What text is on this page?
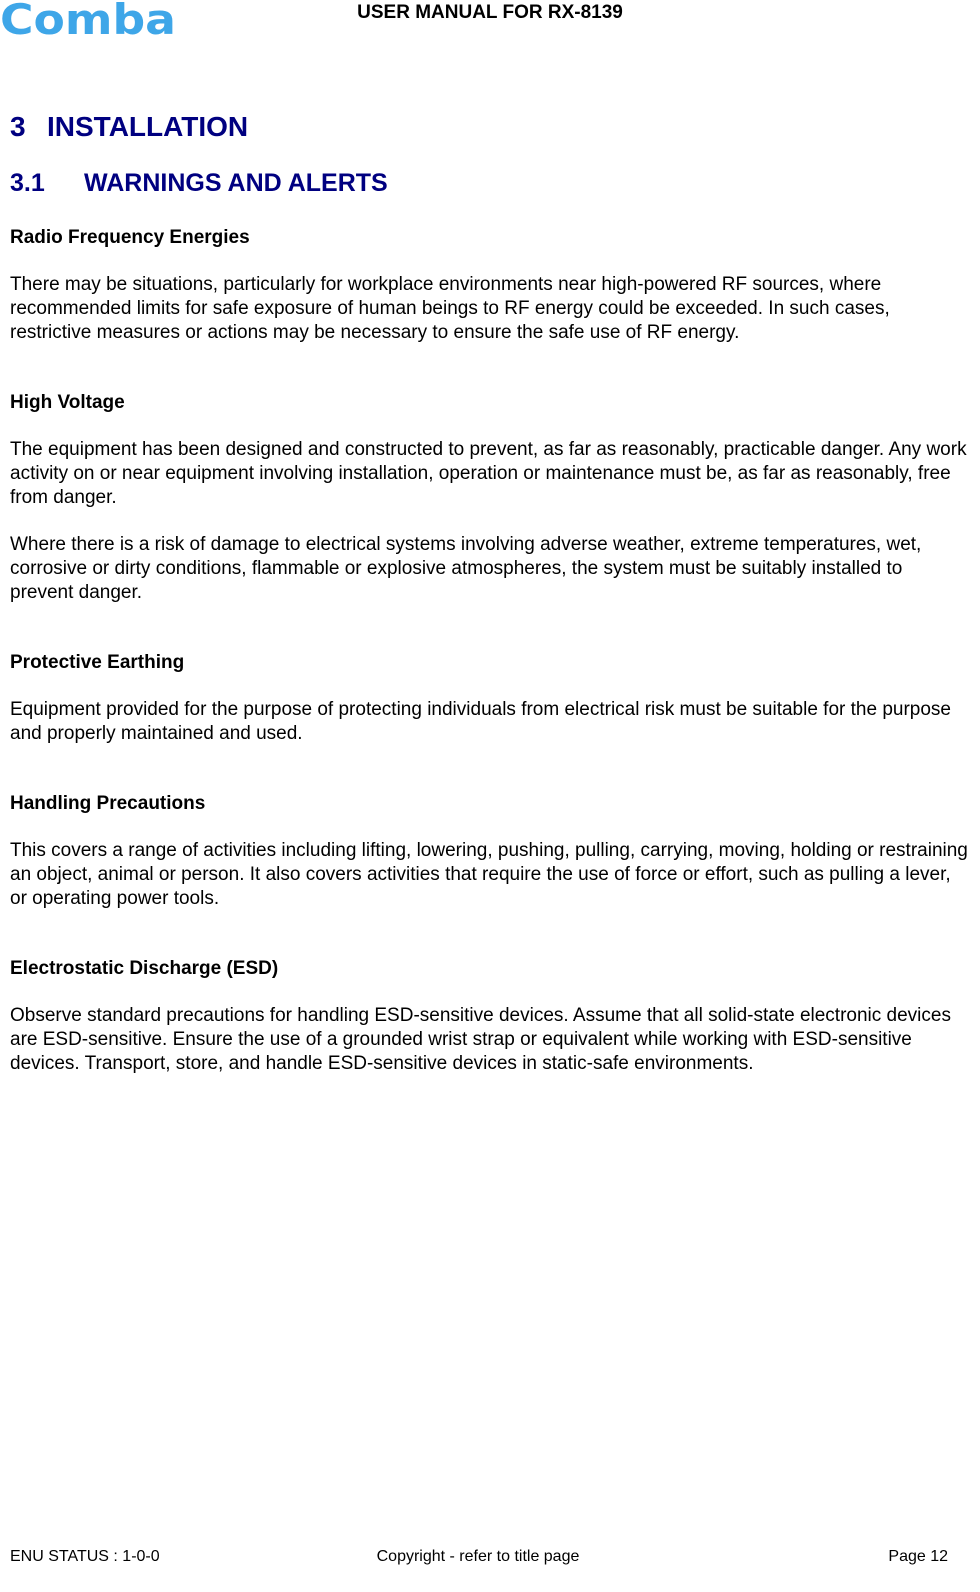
Comba	USER MANUAL FOR RX-8139
3 INSTALLATION
3.1 WARNINGS AND ALERTS
Radio Frequency Energies

There may be situations, particularly for workplace environments near high-powered RF sources, where recommended limits for safe exposure of human beings to RF energy could be exceeded. In such cases, restrictive measures or actions may be necessary to ensure the safe use of RF energy.

High Voltage

The equipment has been designed and constructed to prevent, as far as reasonably, practicable danger. Any work activity on or near equipment involving installation, operation or maintenance must be, as far as reasonably, free from danger.

Where there is a risk of damage to electrical systems involving adverse weather, extreme temperatures, wet, corrosive or dirty conditions, flammable or explosive atmospheres, the system must be suitably installed to prevent danger.

Protective Earthing

Equipment provided for the purpose of protecting individuals from electrical risk must be suitable for the purpose and properly maintained and used.

Handling Precautions

This covers a range of activities including lifting, lowering, pushing, pulling, carrying, moving, holding or restraining an object, animal or person. It also covers activities that require the use of force or effort, such as pulling a lever, or operating power tools.

Electrostatic Discharge (ESD)

Observe standard precautions for handling ESD-sensitive devices. Assume that all solid-state electronic devices are ESD-sensitive. Ensure the use of a grounded wrist strap or equivalent while working with ESD-sensitive devices. Transport, store, and handle ESD-sensitive devices in static-safe environments.

ENU STATUS : 1-0-0	Copyright - refer to title page	Page 12
